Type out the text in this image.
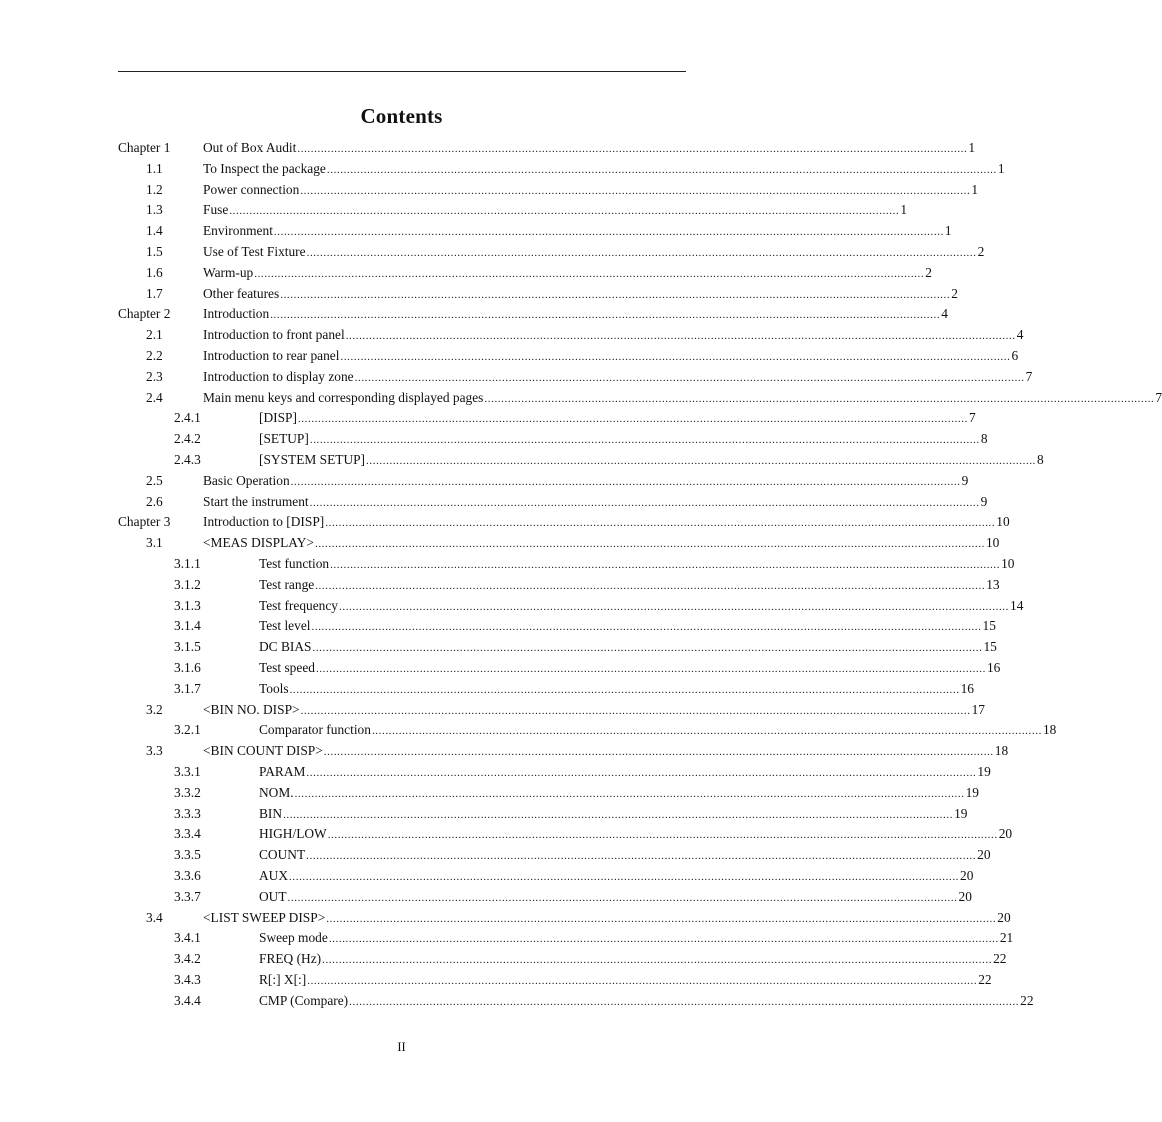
Contents
Chapter 1 Out of Box Audit ........................................................................................................................................................................................................ 1
1.1	To Inspect the package ........................................................................................................................................................................................................ 1
1.2	Power connection ........................................................................................................................................................................................................ 1
1.3	Fuse ........................................................................................................................................................................................................ 1
1.4	Environment ........................................................................................................................................................................................................ 1
1.5	Use of Test Fixture ........................................................................................................................................................................................................ 2
1.6	Warm-up ........................................................................................................................................................................................................ 2
1.7	Other features ........................................................................................................................................................................................................ 2
Chapter 2 Introduction ........................................................................................................................................................................................................ 4
2.1	Introduction to front panel ........................................................................................................................................................................................................ 4
2.2	Introduction to rear panel ........................................................................................................................................................................................................ 6
2.3	Introduction to display zone ........................................................................................................................................................................................................ 7
2.4	Main menu keys and corresponding displayed pages ........................................................................................................................................................................................................ 7
2.4.1	[DISP] ........................................................................................................................................................................................................ 7
2.4.2	[SETUP] ........................................................................................................................................................................................................ 8
2.4.3	[SYSTEM SETUP] ........................................................................................................................................................................................................ 8
2.5	Basic Operation ........................................................................................................................................................................................................ 9
2.6	Start the instrument ........................................................................................................................................................................................................ 9
Chapter 3 Introduction to [DISP] ........................................................................................................................................................................................................ 10
3.1	<MEAS DISPLAY> ........................................................................................................................................................................................................ 10
3.1.1	Test function ........................................................................................................................................................................................................ 10
3.1.2	Test range ........................................................................................................................................................................................................ 13
3.1.3	Test frequency ........................................................................................................................................................................................................ 14
3.1.4	Test level ........................................................................................................................................................................................................ 15
3.1.5	DC BIAS ........................................................................................................................................................................................................ 15
3.1.6	Test speed ........................................................................................................................................................................................................ 16
3.1.7	Tools ........................................................................................................................................................................................................ 16
3.2	<BIN NO. DISP> ........................................................................................................................................................................................................ 17
3.2.1	Comparator function ........................................................................................................................................................................................................ 18
3.3	<BIN COUNT DISP> ........................................................................................................................................................................................................ 18
3.3.1	PARAM ........................................................................................................................................................................................................ 19
3.3.2	NOM. ........................................................................................................................................................................................................ 19
3.3.3	BIN ........................................................................................................................................................................................................ 19
3.3.4	HIGH/LOW ........................................................................................................................................................................................................ 20
3.3.5	COUNT ........................................................................................................................................................................................................ 20
3.3.6	AUX ........................................................................................................................................................................................................ 20
3.3.7	OUT ........................................................................................................................................................................................................ 20
3.4	<LIST SWEEP DISP> ........................................................................................................................................................................................................ 20
3.4.1	Sweep mode ........................................................................................................................................................................................................ 21
3.4.2	FREQ (Hz) ........................................................................................................................................................................................................ 22
3.4.3	R[:] X[:] ........................................................................................................................................................................................................ 22
3.4.4	CMP (Compare) ........................................................................................................................................................................................................ 22
II
